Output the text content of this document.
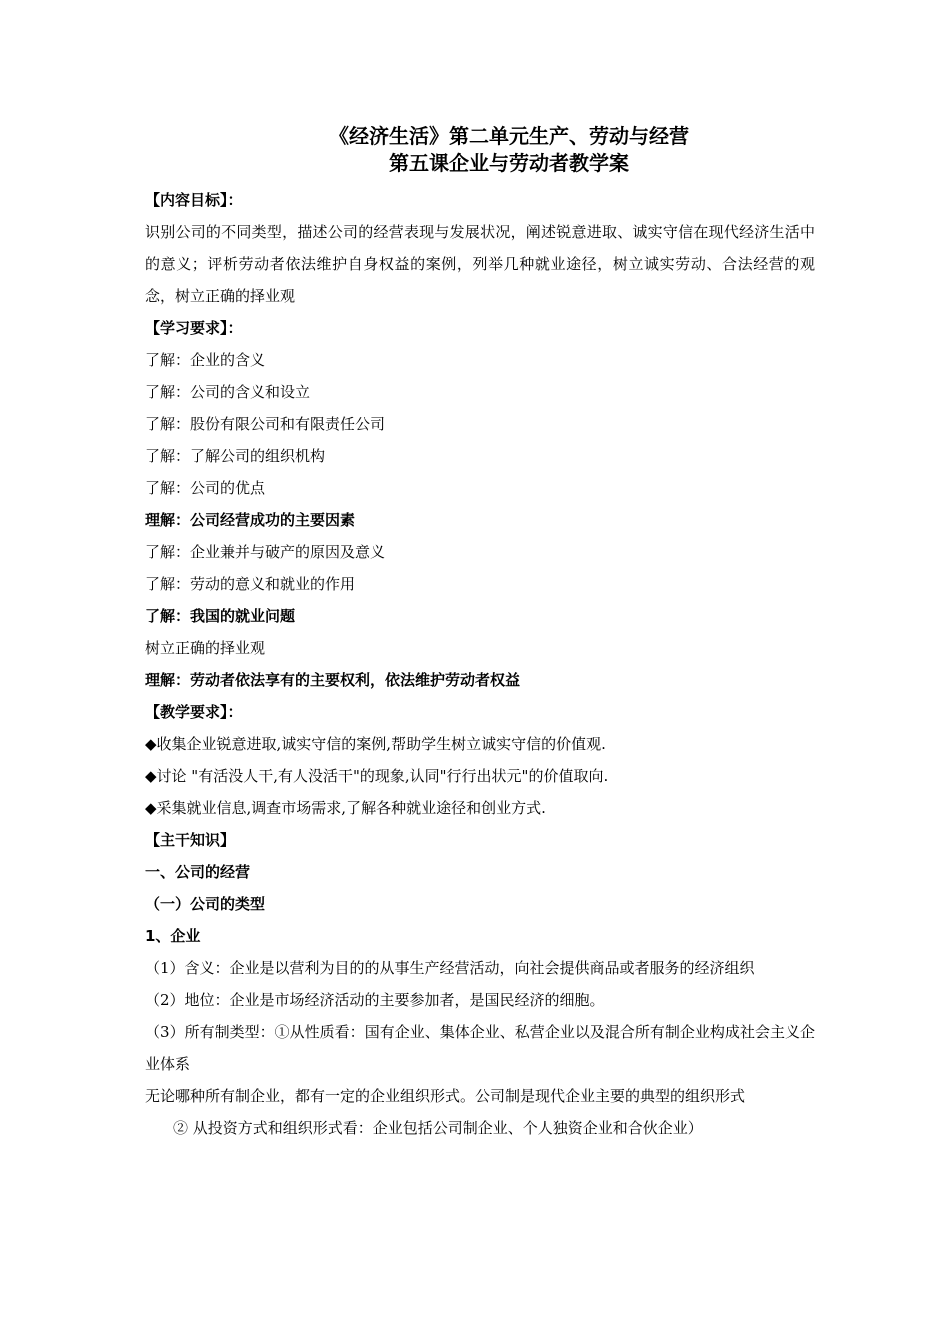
《经济生活》第二单元生产、劳动与经营
第五课企业与劳动者教学案
【内容目标】：
识别公司的不同类型，描述公司的经营表现与发展状况，阐述锐意进取、诚实守信在现代经济生活中的意义；评析劳动者依法维护自身权益的案例，列举几种就业途径，树立诚实劳动、合法经营的观念，树立正确的择业观
【学习要求】：
了解：企业的含义
了解：公司的含义和设立
了解：股份有限公司和有限责任公司
了解：了解公司的组织机构
了解：公司的优点
理解：公司经营成功的主要因素
了解：企业兼并与破产的原因及意义
了解：劳动的意义和就业的作用
了解：我国的就业问题
树立正确的择业观
理解：劳动者依法享有的主要权利，依法维护劳动者权益
【教学要求】：
◆收集企业锐意进取,诚实守信的案例,帮助学生树立诚实守信的价值观.
◆讨论 "有活没人干,有人没活干"的现象,认同"行行出状元"的价值取向.
◆采集就业信息,调查市场需求,了解各种就业途径和创业方式.
【主干知识】
一、公司的经营
（一）公司的类型
1、企业
（1）含义：企业是以营利为目的的从事生产经营活动，向社会提供商品或者服务的经济组织
（2）地位：企业是市场经济活动的主要参加者，是国民经济的细胞。
（3）所有制类型：①从性质看：国有企业、集体企业、私营企业以及混合所有制企业构成社会主义企业体系
无论哪种所有制企业，都有一定的企业组织形式。公司制是现代企业主要的典型的组织形式
② 从投资方式和组织形式看：企业包括公司制企业、个人独资企业和合伙企业）
